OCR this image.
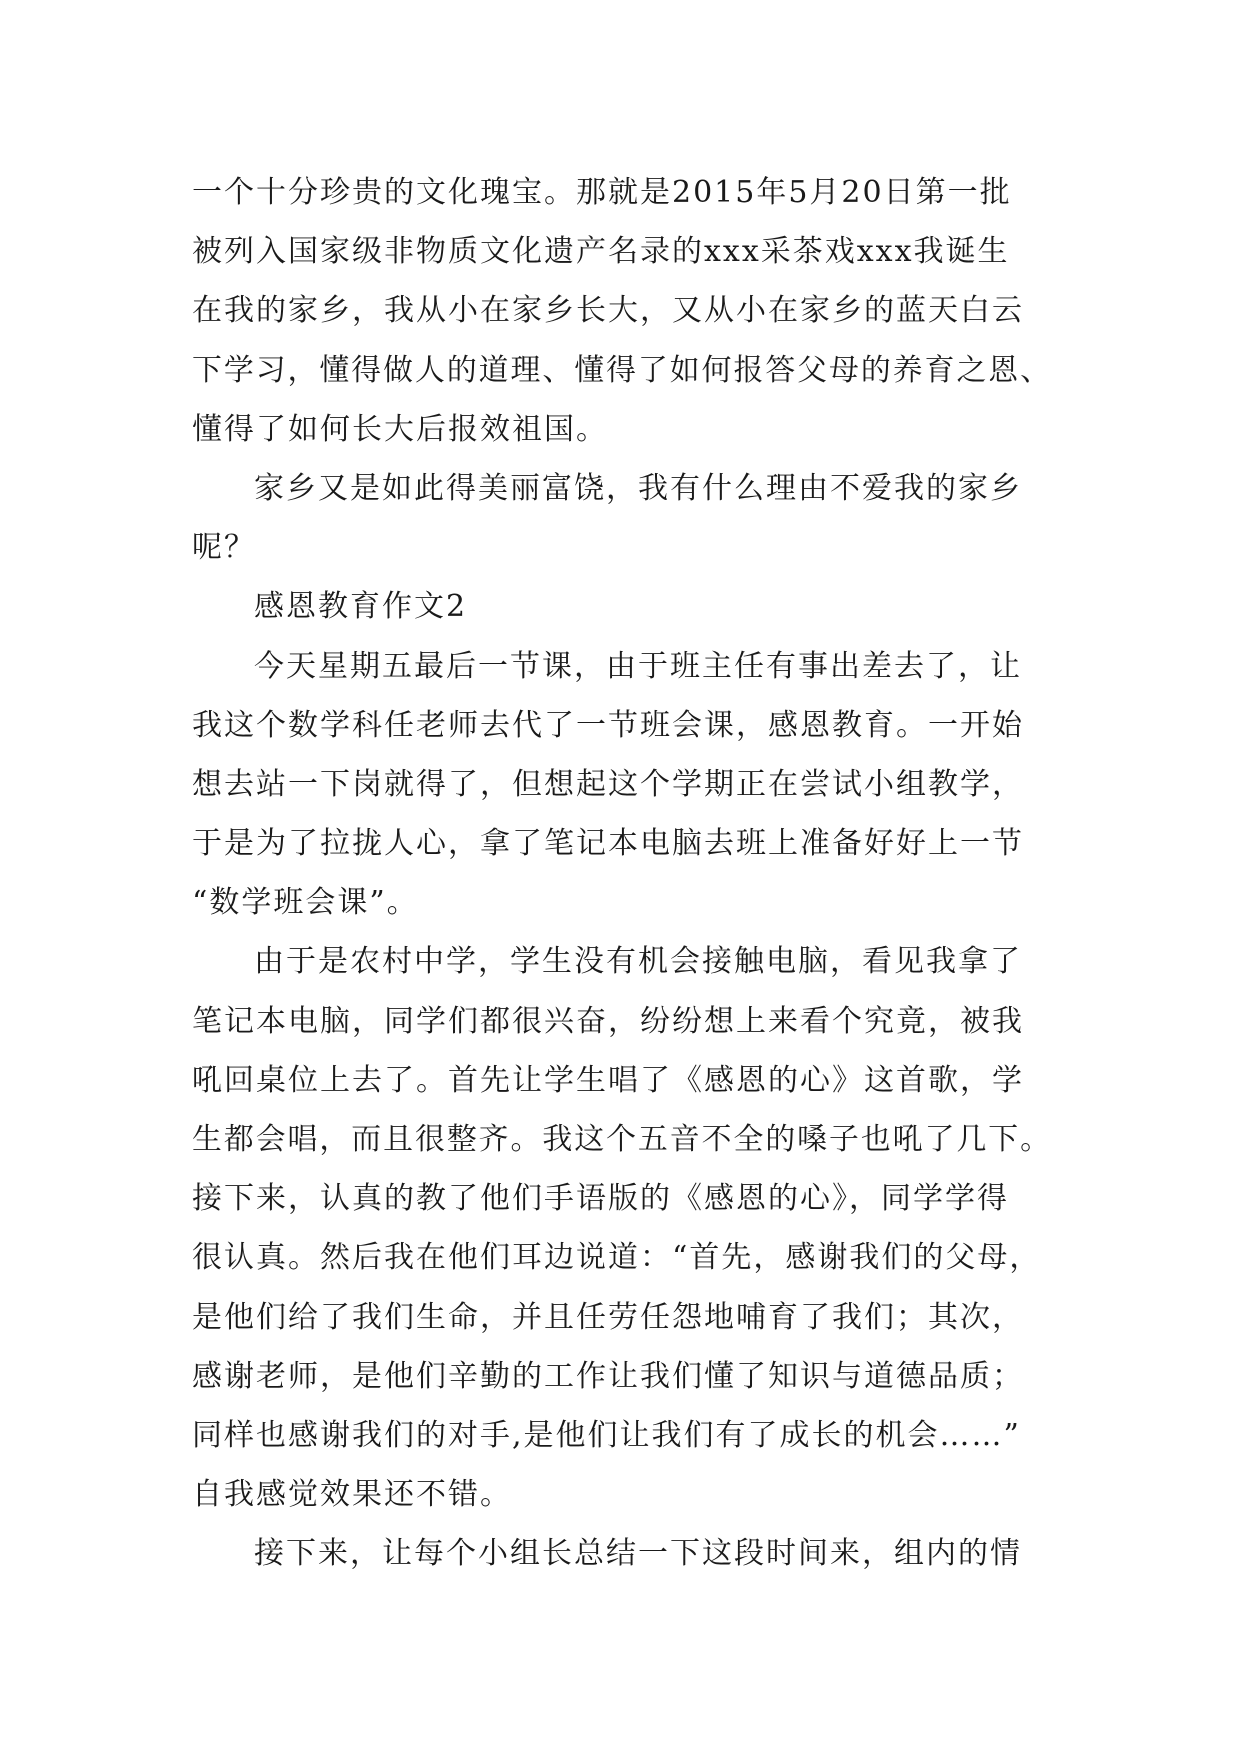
一个十分珍贵的文化瑰宝。那就是2015年5月20日第一批
被列入国家级非物质文化遗产名录的xxx采茶戏xxx我诞生
在我的家乡，我从小在家乡长大，又从小在家乡的蓝天白云
下学习，懂得做人的道理、懂得了如何报答父母的养育之恩、
懂得了如何长大后报效祖国。
家乡又是如此得美丽富饶，我有什么理由不爱我的家乡
呢？
感恩教育作文2
今天星期五最后一节课，由于班主任有事出差去了，让
我这个数学科任老师去代了一节班会课，感恩教育。一开始
想去站一下岗就得了，但想起这个学期正在尝试小组教学，
于是为了拉拢人心，拿了笔记本电脑去班上准备好好上一节
“数学班会课”。
由于是农村中学，学生没有机会接触电脑，看见我拿了
笔记本电脑，同学们都很兴奋，纷纷想上来看个究竟，被我
吼回桌位上去了。首先让学生唱了《感恩的心》这首歌，学
生都会唱，而且很整齐。我这个五音不全的嗓子也吼了几下。
接下来，认真的教了他们手语版的《感恩的心》，同学学得
很认真。然后我在他们耳边说道：“首先，感谢我们的父母，
是他们给了我们生命，并且任劳任怨地哺育了我们；其次，
感谢老师，是他们辛勤的工作让我们懂了知识与道德品质；
同样也感谢我们的对手,是他们让我们有了成长的机会……”
自我感觉效果还不错。
接下来，让每个小组长总结一下这段时间来，组内的情
